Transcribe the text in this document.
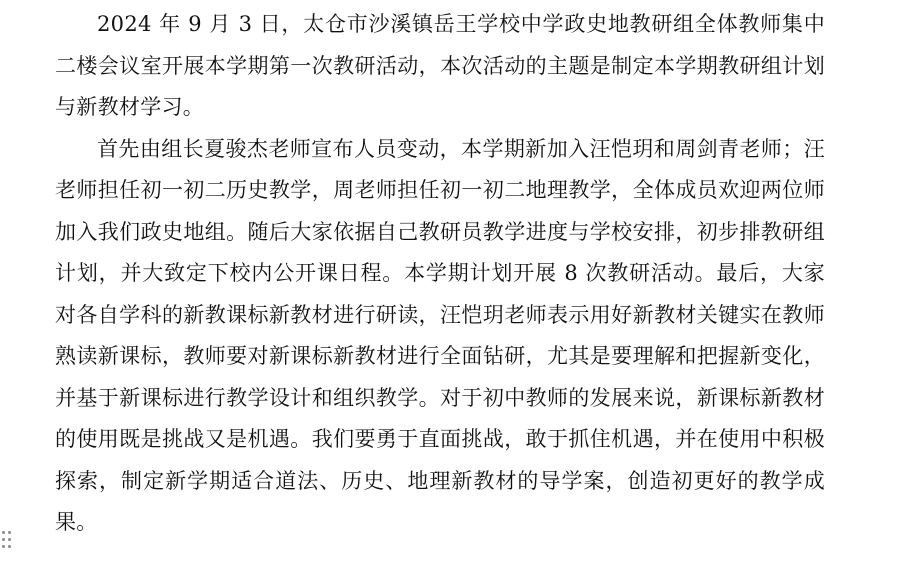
2024 年 9 月 3 日，太仓市沙溪镇岳王学校中学政史地教研组全体教师集中二楼会议室开展本学期第一次教研活动，本次活动的主题是制定本学期教研组计划与新教材学习。

首先由组长夏骏杰老师宣布人员变动，本学期新加入汪恺玥和周剑青老师；汪老师担任初一初二历史教学，周老师担任初一初二地理教学，全体成员欢迎两位师加入我们政史地组。随后大家依据自己教研员教学进度与学校安排，初步排教研组计划，并大致定下校内公开课日程。本学期计划开展 8 次教研活动。最后，大家对各自学科的新教课标新教材进行研读，汪恺玥老师表示用好新教材关键实在教师熟读新课标，教师要对新课标新教材进行全面钻研，尤其是要理解和把握新变化，并基于新课标进行教学设计和组织教学。对于初中教师的发展来说，新课标新教材的使用既是挑战又是机遇。我们要勇于直面挑战，敢于抓住机遇，并在使用中积极探索，制定新学期适合道法、历史、地理新教材的导学案，创造初更好的教学成果。
